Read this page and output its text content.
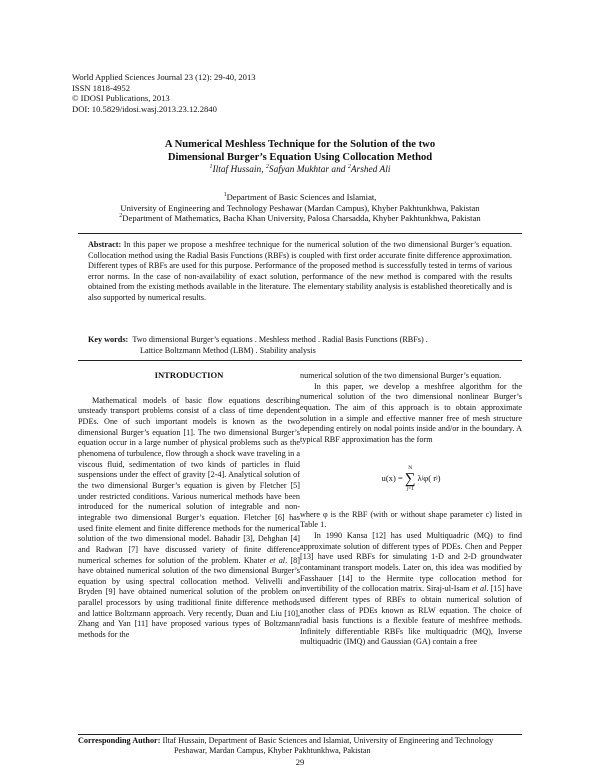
World Applied Sciences Journal 23 (12): 29-40, 2013
ISSN 1818-4952
© IDOSI Publications, 2013
DOI: 10.5829/idosi.wasj.2013.23.12.2840
A Numerical Meshless Technique for the Solution of the two
Dimensional Burger’s Equation Using Collocation Method
$^1$Iltaf Hussain, $^2$Safyan Mukhtar and $^2$Arshed Ali
$^1$Department of Basic Sciences and Islamiat,
University of Engineering and Technology Peshawar (Mardan Campus), Khyber Pakhtunkhwa, Pakistan
$^2$Department of Mathematics, Bacha Khan University, Palosa Charsadda, Khyber Pakhtunkhwa, Pakistan
Abstract: In this paper we propose a meshfree technique for the numerical solution of the two dimensional Burger’s equation. Collocation method using the Radial Basis Functions (RBFs) is coupled with first order accurate finite difference approximation. Different types of RBFs are used for this purpose. Performance of the proposed method is successfully tested in terms of various error norms. In the case of non-availability of exact solution, performance of the new method is compared with the results obtained from the existing methods available in the literature. The elementary stability analysis is established theoretically and is also supported by numerical results.
Key words: Two dimensional Burger’s equations . Meshless method . Radial Basis Functions (RBFs) .
Lattice Boltzmann Method (LBM) . Stability analysis
INTRODUCTION

Mathematical models of basic flow equations describing unsteady transport problems consist of a class of time dependent PDEs. One of such important models is known as the two dimensional Burger’s equation [1]. The two dimensional Burger’s equation occur in a large number of physical problems such as the phenomena of turbulence, flow through a shock wave traveling in a viscous fluid, sedimentation of two kinds of particles in fluid suspensions under the effect of gravity [2-4]. Analytical solution of the two dimensional Burger’s equation is given by Fletcher [5] under restricted conditions. Various numerical methods have been introduced for the numerical solution of integrable and non-integrable two dimensional Burger’s equation. Fletcher [6] has used finite element and finite difference methods for the numerical solution of the two dimensional model. Bahadir [3], Dehghan [4] and Radwan [7] have discussed variety of finite difference numerical schemes for solution of the problem. Khater et al. [8] have obtained numerical solution of the two dimensional Burger’s equation by using spectral collocation method. Velivelli and Bryden [9] have obtained numerical solution of the problem on parallel processors by using traditional finite difference methods and lattice Boltzmann approach. Very recently, Duan and Liu [10], Zhang and Yan [11] have proposed various types of Boltzmann methods for the

numerical solution of the two dimensional Burger’s equation.

In this paper, we develop a meshfree algorithm for the numerical solution of the two dimensional nonlinear Burger’s equation. The aim of this approach is to obtain approximate solution in a simple and effective manner free of mesh structure depending entirely on nodal points inside and/or in the boundary. A typical RBF approximation has the form

u(x) =
N
∑
j=1
λ j φ( r j )

where φ is the RBF (with or without shape parameter c) listed in Table 1.

In 1990 Kansa [12] has used Multiquadric (MQ) to find approximate solution of different types of PDEs. Chen and Pepper [13] have used RBFs for simulating 1-D and 2-D groundwater contaminant transport models. Later on, this idea was modified by Fasshauer [14] to the Hermite type collocation method for invertibility of the collocation matrix. Siraj-ul-Isam et al. [15] have used different types of RBFs to obtain numerical solution of another class of PDEs known as RLW equation. The choice of radial basis functions is a flexible feature of meshfree methods. Infinitely differentiable RBFs like multiquadric (MQ), Inverse multiquadric (IMQ) and Gaussian (GA) contain a free

Corresponding Author: Iltaf Hussain, Department of Basic Sciences and Islamiat, University of Engineering and Technology
Peshawar, Mardan Campus, Khyber Pakhtunkhwa, Pakistan
29
